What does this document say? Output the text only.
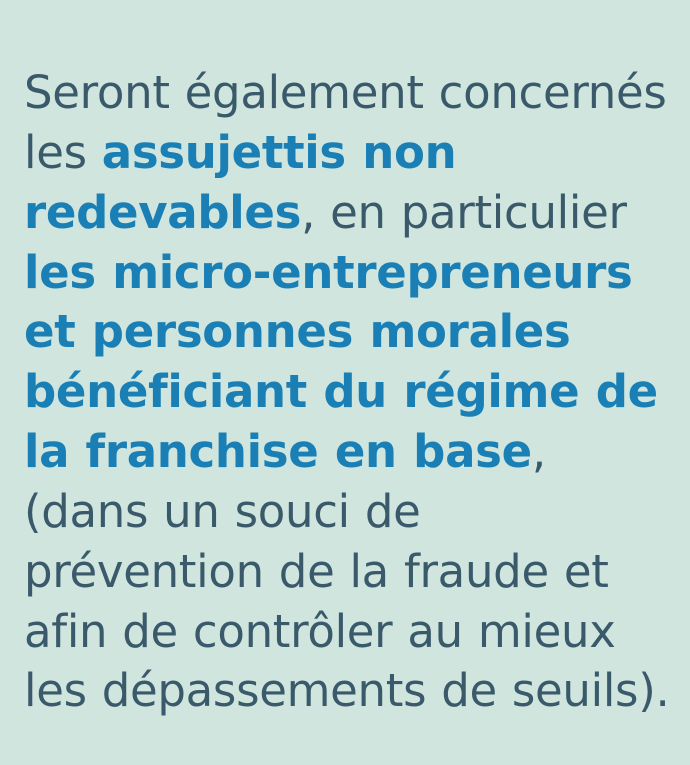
Seront également concernés les assujettis non redevables, en particulier les micro-entrepreneurs et personnes morales bénéficiant du régime de la franchise en base, (dans un souci de prévention de la fraude et afin de contrôler au mieux les dépassements de seuils).
